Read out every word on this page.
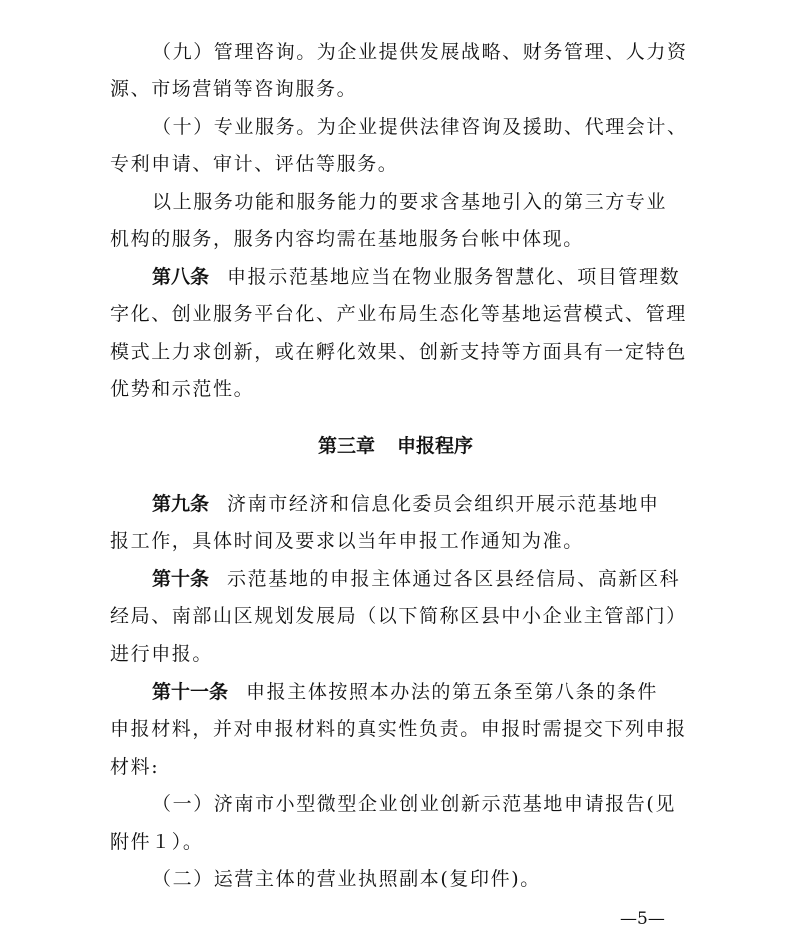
（九）管理咨询。为企业提供发展战略、财务管理、人力资
源、市场营销等咨询服务。
（十）专业服务。为企业提供法律咨询及援助、代理会计、
专利申请、审计、评估等服务。
以上服务功能和服务能力的要求含基地引入的第三方专业
机构的服务，服务内容均需在基地服务台帐中体现。
第八条 申报示范基地应当在物业服务智慧化、项目管理数
字化、创业服务平台化、产业布局生态化等基地运营模式、管理
模式上力求创新，或在孵化效果、创新支持等方面具有一定特色
优势和示范性。
第三章 申报程序
第九条 济南市经济和信息化委员会组织开展示范基地申
报工作，具体时间及要求以当年申报工作通知为准。
第十条 示范基地的申报主体通过各区县经信局、高新区科
经局、南部山区规划发展局（以下简称区县中小企业主管部门）
进行申报。
第十一条 申报主体按照本办法的第五条至第八条的条件
申报材料，并对申报材料的真实性负责。申报时需提交下列申报
材料:
（一）济南市小型微型企业创业创新示范基地申请报告(见
附件１）。
（二）运营主体的营业执照副本(复印件)。
—5—
